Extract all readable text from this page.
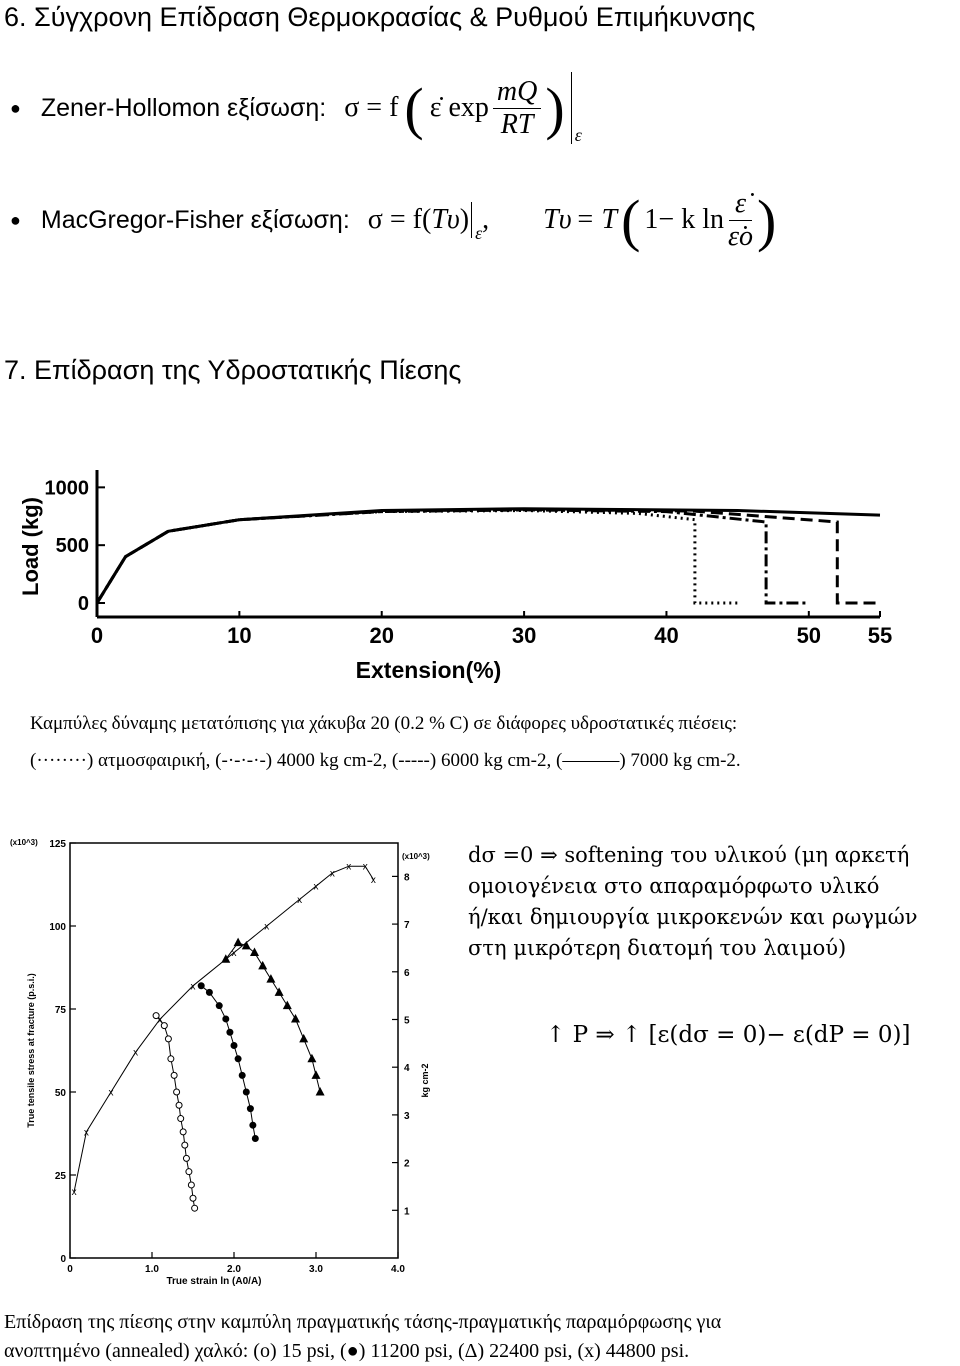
6. Σύγχρονη Επίδραση Θερμοκρασίας & Ρυθμού Επιμήκυνσης
● Zener-Hollomon εξίσωση: σ = f ( ε̇ $\exp \frac{mQ}{RT}$ ) ε
● MacGregor-Fisher εξίσωση: σ = f( Tυ ) ε , Tυ = T ( 1− k $\ln \frac{\varepsiloṅ}{\varepsiloṅo}$ )
7. Επίδραση της Υδροστατικής Πίεσης
0	10	20	30	40	50 55
0
500
1000
Extension(%)
Load (kg)
Καμπύλες δύναμης μετατόπισης για χάκυβα 20 (0.2 % C) σε διάφορες υδροστατικές πιέσεις:
(········) ατμοσφαιρική, (-·-·-·-) 4000 kg cm-2, (-----) 6000 kg cm-2, (———) 7000 kg cm-2.
0	1.0	2.0	3.0	4.0
0
25
50
75
100
125
1
2
3
4
5
6
7
8
True strain ln (A0/A)
True tensile stress at fracture (p.s.i.)
(x10^3)
(x10^3)
kg cm-2
x
x
x
x
x
x
x
x
x
x
x
x x
x
dσ =0 ⇒ softening του υλικού (μη αρκετή
ομοιογένεια στο απαραμόρφωτο υλικό
ή/και δημιουργία μικροκενών και ρωγμών
στη μικρότερη διατομή του λαιμού)
↑ P ⇒ ↑ [ε(dσ = 0)− ε(dP = 0)]
Επίδραση της πίεσης στην καμπύλη πραγματικής τάσης-πραγματικής παραμόρφωσης για
ανοπτημένο (annealed) χαλκό: (o) 15 psi, (●) 11200 psi, (Δ) 22400 psi, (x) 44800 psi.
